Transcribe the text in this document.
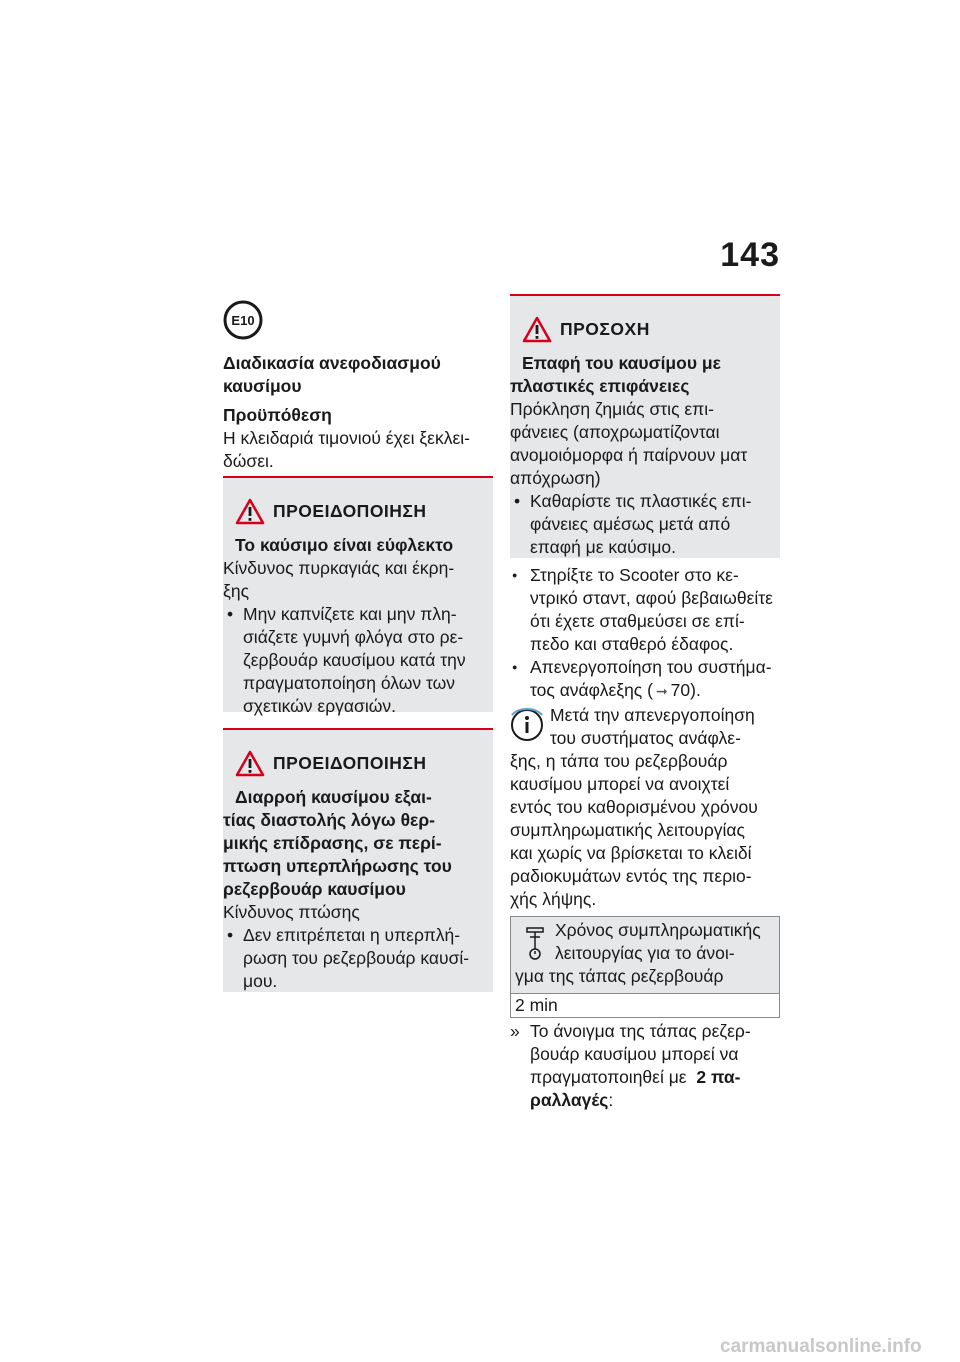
143
E10
Διαδικασία ανεφοδιασμού καυσίμου
Προϋπόθεση
Η κλειδαριά τιμονιού έχει ξεκλει-
δώσει.
ΠΡΟΕΙΔΟΠΟΙΗΣΗ
Το καύσιμο είναι εύφλεκτο
Κίνδυνος πυρκαγιάς και έκρη-
ξης
• Μην καπνίζετε και μην πλη-
σιάζετε γυμνή φλόγα στο ρε-
ζερβουάρ καυσίμου κατά την
πραγματοποίηση όλων των
σχετικών εργασιών.
ΠΡΟΕΙΔΟΠΟΙΗΣΗ
Διαρροή καυσίμου εξαι-
τίας διαστολής λόγω θερ-
μικής επίδρασης, σε περί-
πτωση υπερπλήρωσης του
ρεζερβουάρ καυσίμου
Κίνδυνος πτώσης
• Δεν επιτρέπεται η υπερπλή-
ρωση του ρεζερβουάρ καυσί-
μου.
ΠΡΟΣΟΧΗ
Επαφή του καυσίμου με
πλαστικές επιφάνειες
Πρόκληση ζημιάς στις επι-
φάνειες (αποχρωματίζονται
ανομοιόμορφα ή παίρνουν ματ
απόχρωση)
• Καθαρίστε τις πλαστικές επι-
φάνειες αμέσως μετά από
επαφή με καύσιμο.
● Στηρίξτε το Scooter στο κε-
ντρικό σταντ, αφού βεβαιωθείτε
ότι έχετε σταθμεύσει σε επί-
πεδο και σταθερό έδαφος.
● Απενεργοποίηση του συστήμα-
τος ανάφλεξης ( ➞ 70).
Μετά την απενεργοποίηση
του συστήματος ανάφλε-
ξης, η τάπα του ρεζερβουάρ
καυσίμου μπορεί να ανοιχτεί
εντός του καθορισμένου χρόνου
συμπληρωματικής λειτουργίας
και χωρίς να βρίσκεται το κλειδί
ραδιοκυμάτων εντός της περιο-
χής λήψης.
Χρόνος συμπληρωματικής
λειτουργίας για το άνοι-
γμα της τάπας ρεζερβουάρ

2 min
» Το άνοιγμα της τάπας ρεζερ-
βουάρ καυσίμου μπορεί να
πραγματοποιηθεί με 2 πα-
ραλλαγές:
carmanualsonline.info
